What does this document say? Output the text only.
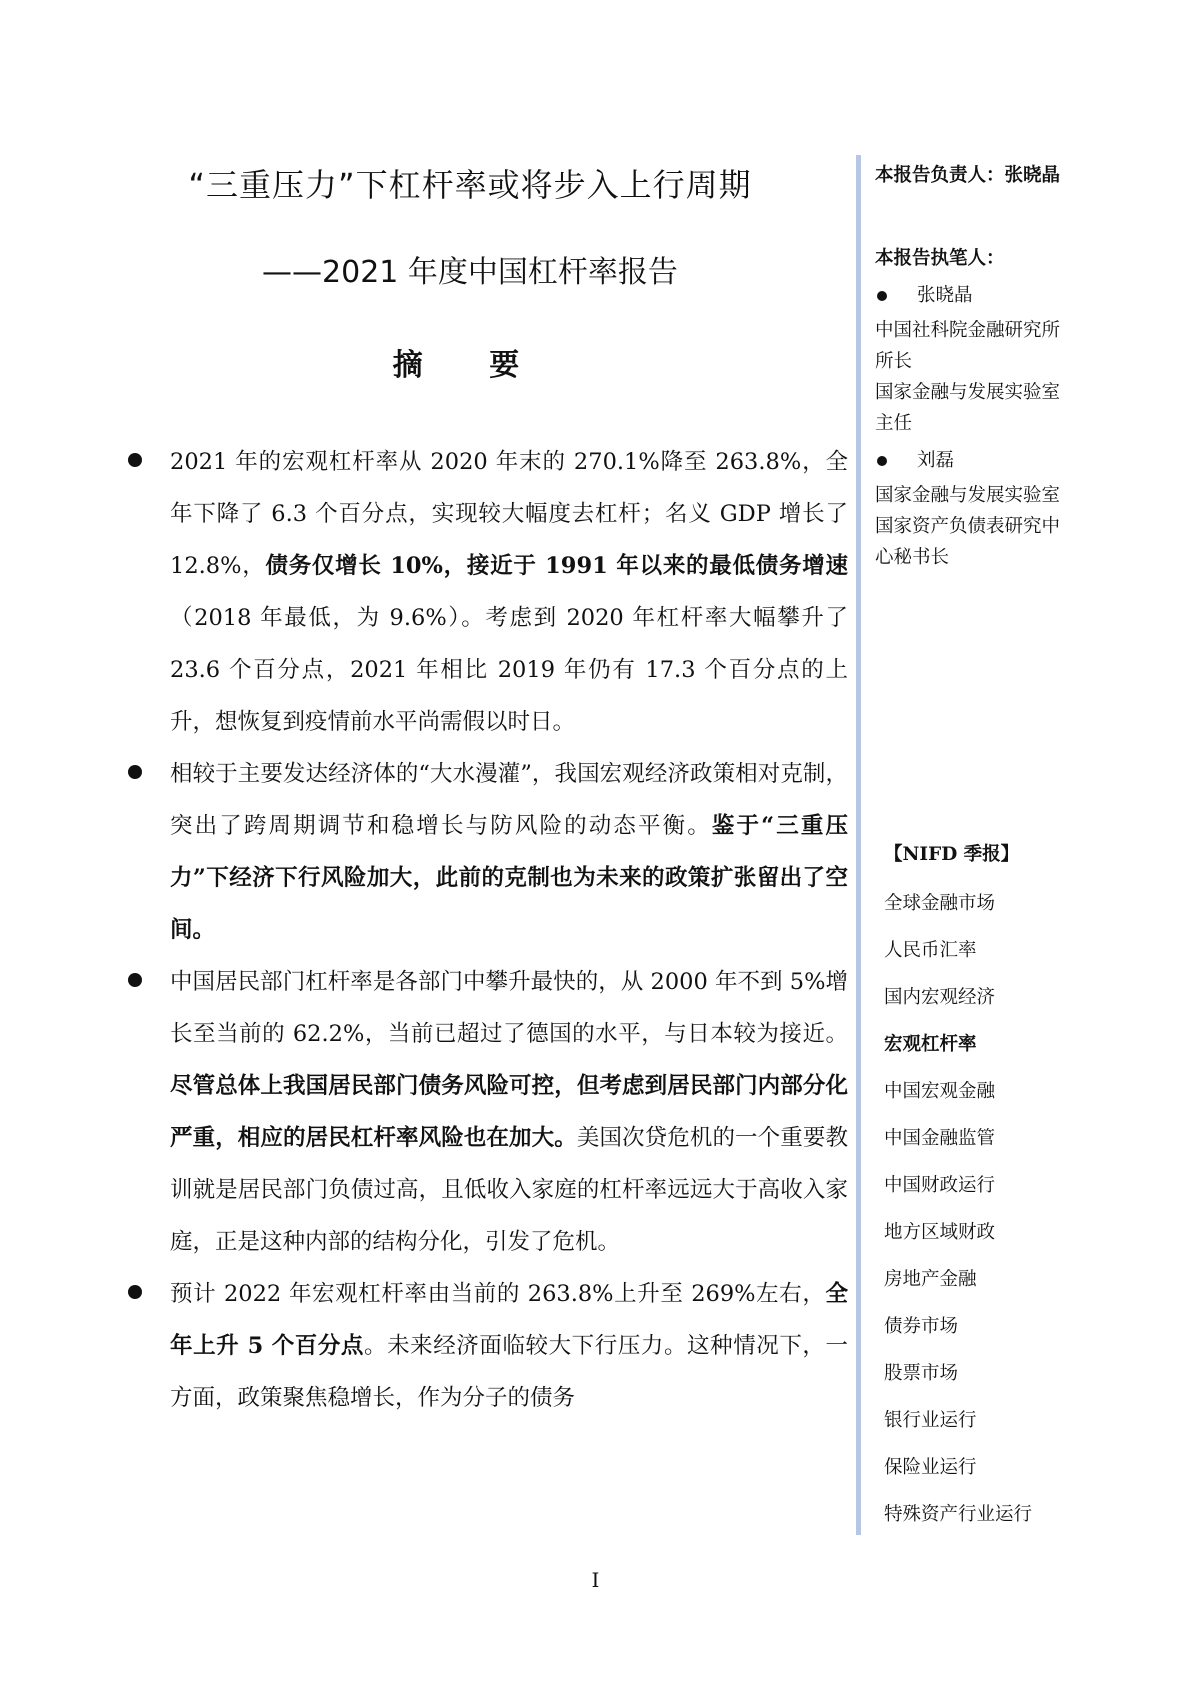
“三重压力”下杠杆率或将步入上行周期
——2021 年度中国杠杆率报告
摘 要
2021 年的宏观杠杆率从 2020 年末的 270.1%降至 263.8%，全年下降了 6.3 个百分点，实现较大幅度去杠杆；名义 GDP 增长了 12.8%，债务仅增长 10%，接近于 1991 年以来的最低债务增速（2018 年最低，为 9.6%）。考虑到 2020 年杠杆率大幅攀升了 23.6 个百分点，2021 年相比 2019 年仍有 17.3 个百分点的上升，想恢复到疫情前水平尚需假以时日。
相较于主要发达经济体的“大水漫灌”，我国宏观经济政策相对克制，突出了跨周期调节和稳增长与防风险的动态平衡。鉴于“三重压力”下经济下行风险加大，此前的克制也为未来的政策扩张留出了空间。
中国居民部门杠杆率是各部门中攀升最快的，从 2000 年不到 5%增长至当前的 62.2%，当前已超过了德国的水平，与日本较为接近。尽管总体上我国居民部门债务风险可控，但考虑到居民部门内部分化严重，相应的居民杠杆率风险也在加大。美国次贷危机的一个重要教训就是居民部门负债过高，且低收入家庭的杠杆率远远大于高收入家庭，正是这种内部的结构分化，引发了危机。
预计 2022 年宏观杠杆率由当前的 263.8%上升至 269%左右，全年上升 5 个百分点。未来经济面临较大下行压力。这种情况下，一方面，政策聚焦稳增长，作为分子的债务
本报告负责人：张晓晶
本报告执笔人：
张晓晶
中国社科院金融研究所
所长
国家金融与发展实验室
主任
刘磊
国家金融与发展实验室
国家资产负债表研究中
心秘书长
【NIFD 季报】
全球金融市场
人民币汇率
国内宏观经济
宏观杠杆率
中国宏观金融
中国金融监管
中国财政运行
地方区域财政
房地产金融
债券市场
股票市场
银行业运行
保险业运行
特殊资产行业运行
I
